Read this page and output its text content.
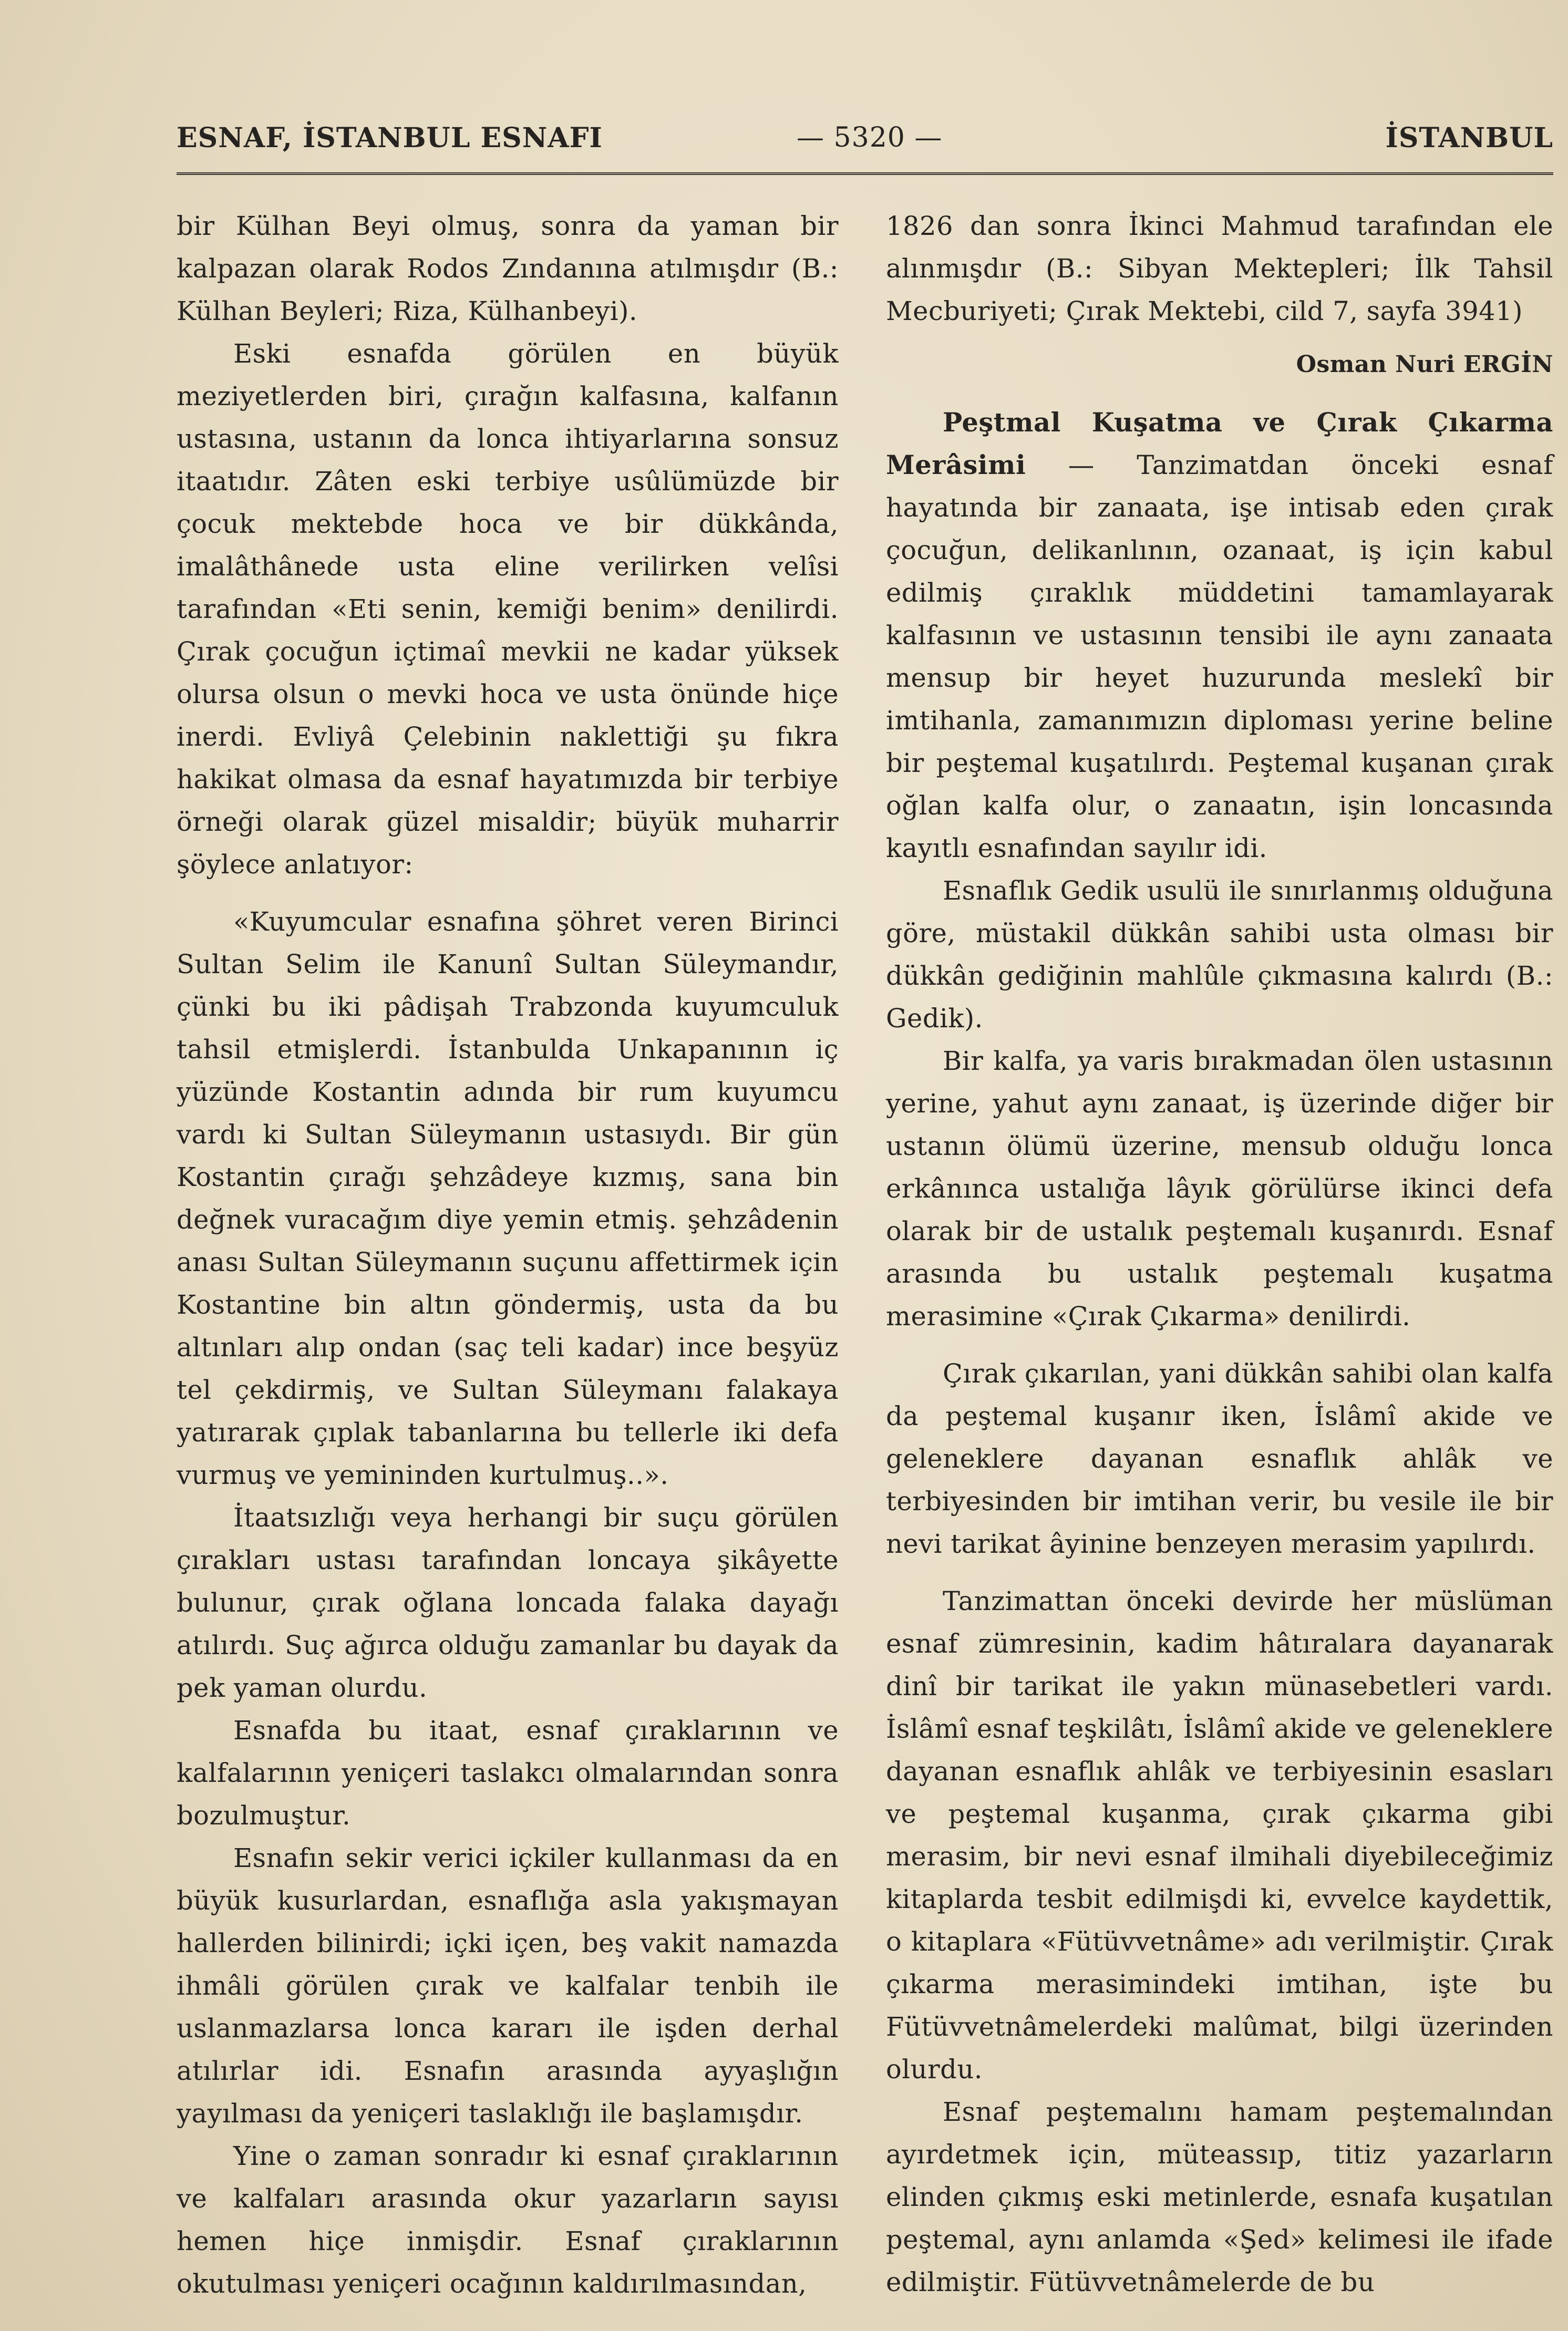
ESNAF, İSTANBUL ESNAFI	— 5320 —	İSTANBUL

bir Külhan Beyi olmuş, sonra da yaman bir kalpazan olarak Rodos Zındanına atılmışdır (B.: Külhan Beyleri; Riza, Külhanbeyi).

Eski esnafda görülen en büyük meziyetlerden biri, çırağın kalfasına, kalfanın ustasına, ustanın da lonca ihtiyarlarına sonsuz itaatıdır. Zâten eski terbiye usûlümüzde bir çocuk mektebde hoca ve bir dükkânda, imalâthânede usta eline verilirken velîsi tarafından «Eti senin, kemiği benim» denilirdi. Çırak çocuğun içtimaî mevkii ne kadar yüksek olursa olsun o mevki hoca ve usta önünde hiçe inerdi. Evliyâ Çelebinin naklettiği şu fıkra hakikat olmasa da esnaf hayatımızda bir terbiye örneği olarak güzel misaldir; büyük muharrir şöylece anlatıyor:

«Kuyumcular esnafına şöhret veren Birinci Sultan Selim ile Kanunî Sultan Süleymandır, çünki bu iki pâdişah Trabzonda kuyumculuk tahsil etmişlerdi. İstanbulda Unkapanının iç yüzünde Kostantin adında bir rum kuyumcu vardı ki Sultan Süleymanın ustasıydı. Bir gün Kostantin çırağı şehzâdeye kızmış, sana bin değnek vuracağım diye yemin etmiş. şehzâdenin anası Sultan Süleymanın suçunu affettirmek için Kostantine bin altın göndermiş, usta da bu altınları alıp ondan (saç teli kadar) ince beşyüz tel çekdirmiş, ve Sultan Süleymanı falakaya yatırarak çıplak tabanlarına bu tellerle iki defa vurmuş ve yemininden kurtulmuş..».

İtaatsızlığı veya herhangi bir suçu görülen çırakları ustası tarafından loncaya şikâyette bulunur, çırak oğlana loncada falaka dayağı atılırdı. Suç ağırca olduğu zamanlar bu dayak da pek yaman olurdu.

Esnafda bu itaat, esnaf çıraklarının ve kalfalarının yeniçeri taslakcı olmalarından sonra bozulmuştur.

Esnafın sekir verici içkiler kullanması da en büyük kusurlardan, esnaflığa asla yakışmayan hallerden bilinirdi; içki içen, beş vakit namazda ihmâli görülen çırak ve kalfalar tenbih ile uslanmazlarsa lonca kararı ile işden derhal atılırlar idi. Esnafın arasında ayyaşlığın yayılması da yeniçeri taslaklığı ile başlamışdır.

Yine o zaman sonradır ki esnaf çıraklarının ve kalfaları arasında okur yazarların sayısı hemen hiçe inmişdir. Esnaf çıraklarının okutulması yeniçeri ocağının kaldırılmasından,

1826 dan sonra İkinci Mahmud tarafından ele alınmışdır (B.: Sibyan Mektepleri; İlk Tahsil Mecburiyeti; Çırak Mektebi, cild 7, sayfa 3941)

Osman Nuri ERGİN

Peştmal Kuşatma ve Çırak Çıkarma Merâsimi — Tanzimatdan önceki esnaf hayatında bir zanaata, işe intisab eden çırak çocuğun, delikanlının, ozanaat, iş için kabul edilmiş çıraklık müddetini tamamlayarak kalfasının ve ustasının tensibi ile aynı zanaata mensup bir heyet huzurunda meslekî bir imtihanla, zamanımızın diploması yerine beline bir peştemal kuşatılırdı. Peştemal kuşanan çırak oğlan kalfa olur, o zanaatın, işin loncasında kayıtlı esnafından sayılır idi.

Esnaflık Gedik usulü ile sınırlanmış olduğuna göre, müstakil dükkân sahibi usta olması bir dükkân gediğinin mahlûle çıkmasına kalırdı (B.: Gedik).

Bir kalfa, ya varis bırakmadan ölen ustasının yerine, yahut aynı zanaat, iş üzerinde diğer bir ustanın ölümü üzerine, mensub olduğu lonca erkânınca ustalığa lâyık görülürse ikinci defa olarak bir de ustalık peştemalı kuşanırdı. Esnaf arasında bu ustalık peştemalı kuşatma merasimine «Çırak Çıkarma» denilirdi.

Çırak çıkarılan, yani dükkân sahibi olan kalfa da peştemal kuşanır iken, İslâmî akide ve geleneklere dayanan esnaflık ahlâk ve terbiyesinden bir imtihan verir, bu vesile ile bir nevi tarikat âyinine benzeyen merasim yapılırdı.

Tanzimattan önceki devirde her müslüman esnaf zümresinin, kadim hâtıralara dayanarak dinî bir tarikat ile yakın münasebetleri vardı. İslâmî esnaf teşkilâtı, İslâmî akide ve geleneklere dayanan esnaflık ahlâk ve terbiyesinin esasları ve peştemal kuşanma, çırak çıkarma gibi merasim, bir nevi esnaf ilmihali diyebileceğimiz kitaplarda tesbit edilmişdi ki, evvelce kaydettik, o kitaplara «Fütüvvetnâme» adı verilmiştir. Çırak çıkarma merasimindeki imtihan, işte bu Fütüvvetnâmelerdeki malûmat, bilgi üzerinden olurdu.

Esnaf peştemalını hamam peştemalından ayırdetmek için, müteassıp, titiz yazarların elinden çıkmış eski metinlerde, esnafa kuşatılan peştemal, aynı anlamda «Şed» kelimesi ile ifade edilmiştir. Fütüvvetnâmelerde de bu
